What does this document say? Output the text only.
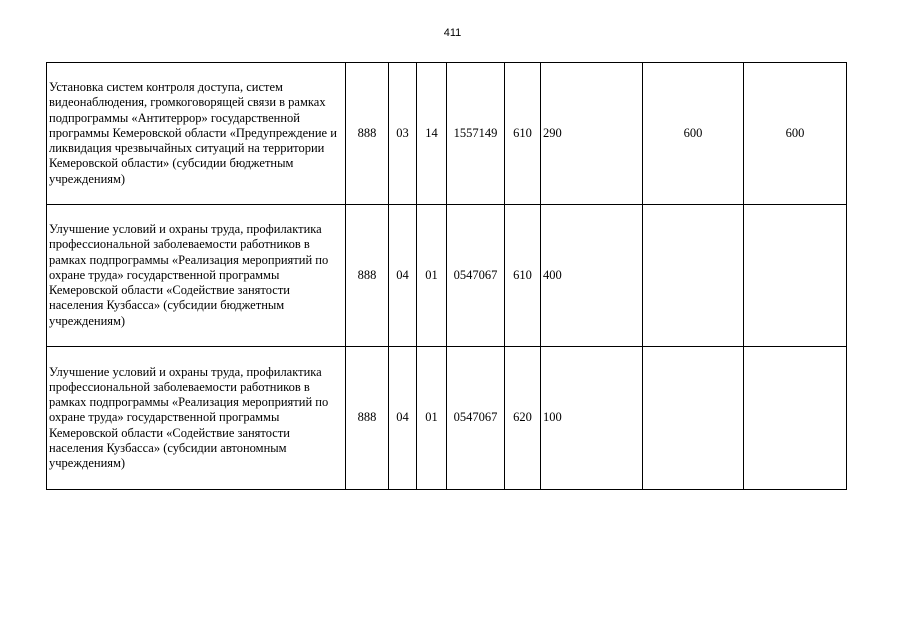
411
Установка систем контроля доступа, систем видеонаблюдения, громкоговорящей связи в рамках подпрограммы «Антитеррор» государственной программы Кемеровской области «Предупреждение и ликвидация чрезвычайных ситуаций на территории Кемеровской области» (субсидии бюджетным учреждениям)	888	03	14	1557149	610	290	600	600
Улучшение условий и охраны труда, профилактика профессиональной заболеваемости работников в рамках подпрограммы «Реализация мероприятий по охране труда» государственной программы Кемеровской области «Содействие занятости населения Кузбасса» (субсидии бюджетным учреждениям)	888	04	01	0547067	610	400		
Улучшение условий и охраны труда, профилактика профессиональной заболеваемости работников в рамках подпрограммы «Реализация мероприятий по охране труда» государственной программы Кемеровской области «Содействие занятости населения Кузбасса» (субсидии автономным учреждениям)	888	04	01	0547067	620	100		
